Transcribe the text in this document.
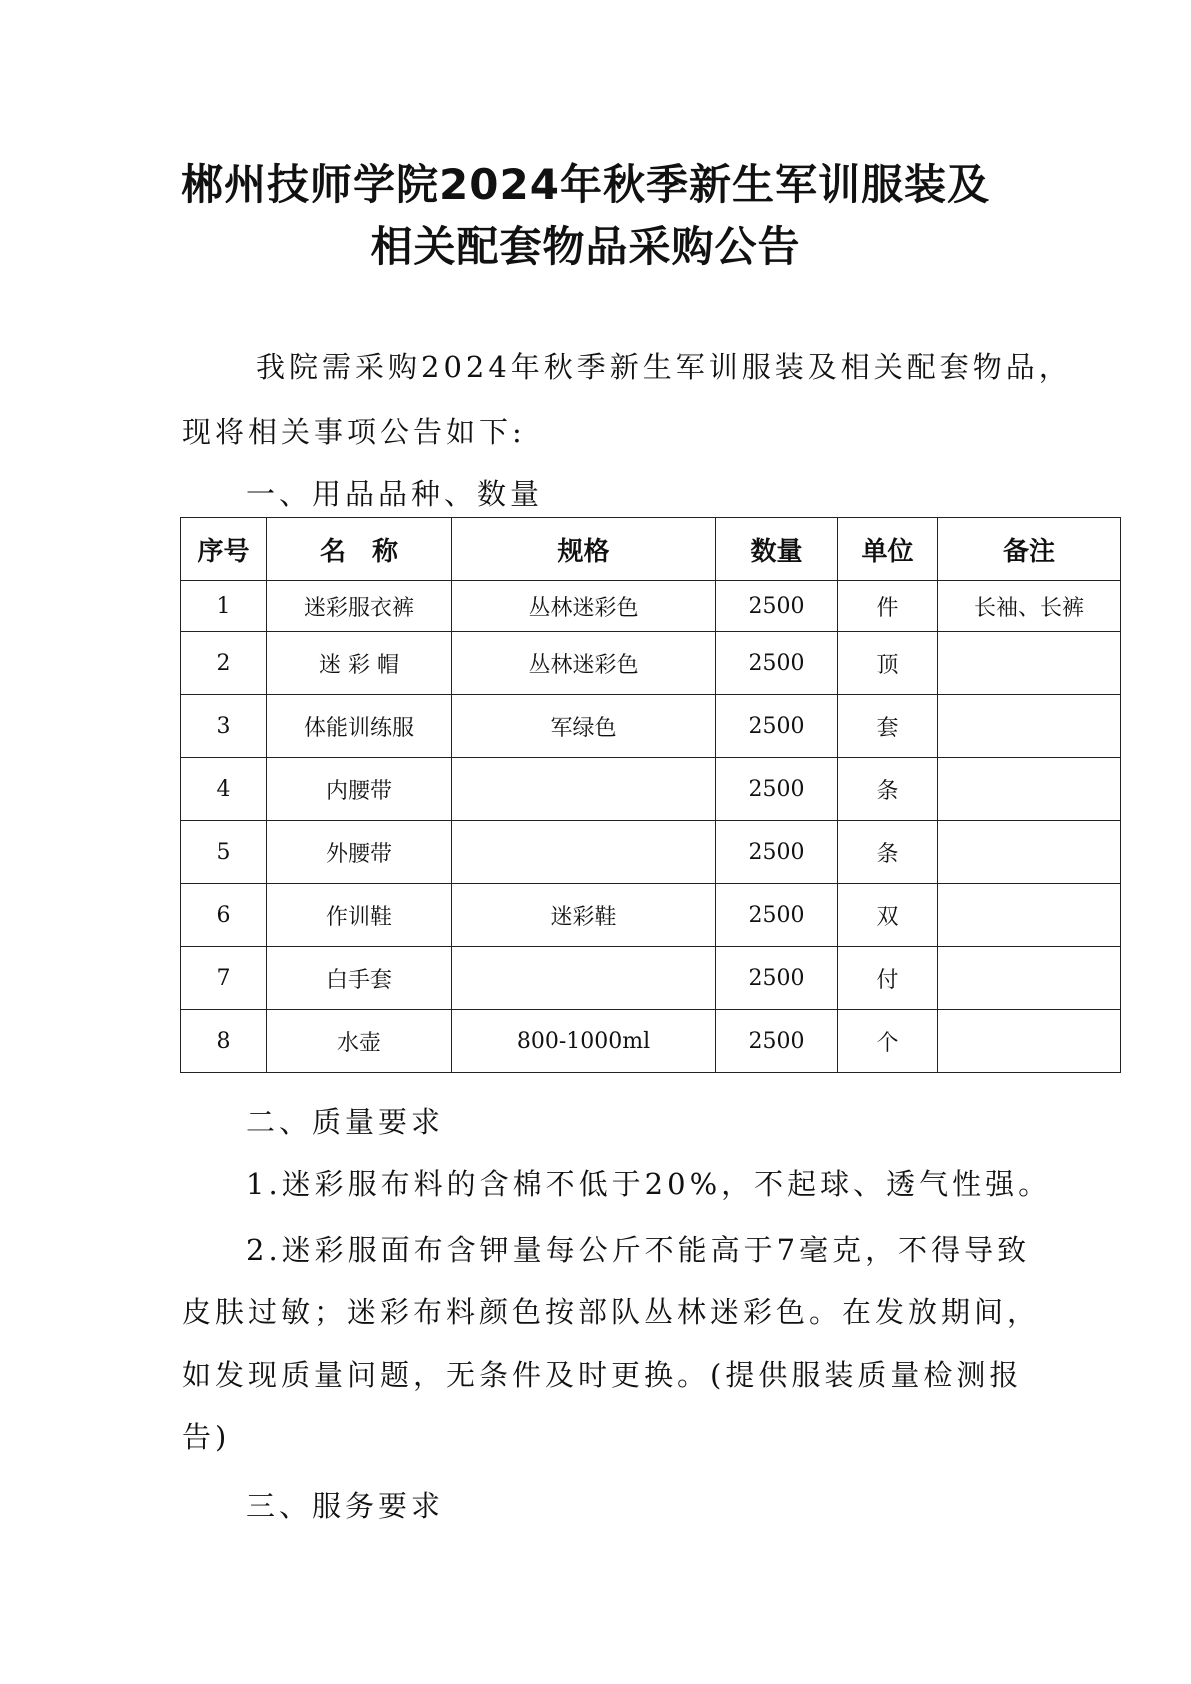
郴州技师学院2024年秋季新生军训服装及
相关配套物品采购公告

我院需采购2024年秋季新生军训服装及相关配套物品，

现将相关事项公告如下:

一、用品品种、数量

序号	名　称	规格	数量	单位	备注
1	迷彩服衣裤	丛林迷彩色	2500	件	长袖、长裤
2	迷 彩 帽	丛林迷彩色	2500	顶	
3	体能训练服	军绿色	2500	套	
4	内腰带		2500	条	
5	外腰带		2500	条	
6	作训鞋	迷彩鞋	2500	双	
7	白手套		2500	付	
8	水壶	800-1000ml	2500	个	

二、质量要求

1.迷彩服布料的含棉不低于20%，不起球、透气性强。

2.迷彩服面布含钾量每公斤不能高于7毫克，不得导致

皮肤过敏；迷彩布料颜色按部队丛林迷彩色。在发放期间，

如发现质量问题，无条件及时更换。(提供服装质量检测报

告)

三、服务要求
